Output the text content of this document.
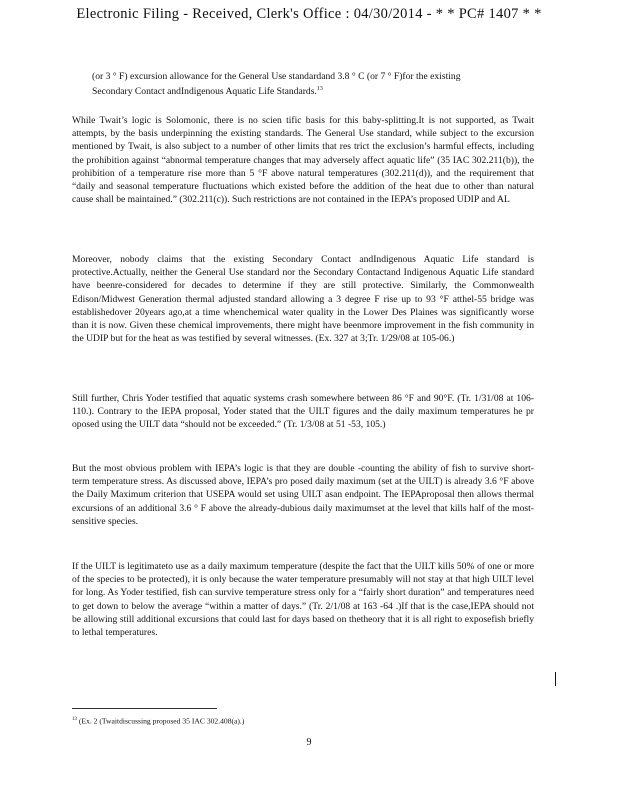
Electronic Filing - Received, Clerk's Office : 04/30/2014 - * * PC# 1407 * *
(or 3 ° F) excursion allowance for the General Use standardand 3.8 ° C (or 7 ° F)for the existing Secondary Contact andIndigenous Aquatic Life Standards.$^{13}$
While Twait’s logic is Solomonic, there is no scien tific basis for this baby-splitting.It is not supported, as Twait attempts, by the basis underpinning the existing standards. The General Use standard, while subject to the excursion mentioned by Twait, is also subject to a number of other limits that res trict the exclusion’s harmful effects, including the prohibition against “abnormal temperature changes that may adversely affect aquatic life” (35 IAC 302.211(b)), the prohibition of a temperature rise more than 5 °F above natural temperatures (302.211(d)), and the requirement that “daily and seasonal temperature fluctuations which existed before the addition of the heat due to other than natural cause shall be maintained.” (302.211(c)). Such restrictions are not contained in the IEPA’s proposed UDIP and AL
Moreover, nobody claims that the existing Secondary Contact andIndigenous Aquatic Life standard is protective.Actually, neither the General Use standard nor the Secondary Contactand Indigenous Aquatic Life standard have beenre-considered for decades to determine if they are still protective. Similarly, the Commonwealth Edison/Midwest Generation thermal adjusted standard allowing a 3 degree F rise up to 93 °F atthel-55 bridge was establishedover 20years ago,at a time whenchemical water quality in the Lower Des Plaines was significantly worse than it is now. Given these chemical improvements, there might have beenmore improvement in the fish community in the UDIP but for the heat as was testified by several witnesses. (Ex. 327 at 3;Tr. 1/29/08 at 105-06.)
Still further, Chris Yoder testified that aquatic systems crash somewhere between 86 °F and 90°F. (Tr. 1/31/08 at 106-110.). Contrary to the IEPA proposal, Yoder stated that the UILT figures and the daily maximum temperatures he pr oposed using the UILT data “should not be exceeded.” (Tr. 1/3/08 at 51 -53, 105.)
But the most obvious problem with IEPA’s logic is that they are double -counting the ability of fish to survive short- term temperature stress. As discussed above, IEPA’s pro posed daily maximum (set at the UILT) is already 3.6 °F above the Daily Maximum criterion that USEPA would set using UILT asan endpoint. The IEPAproposal then allows thermal excursions of an additional 3.6 ° F above the already-dubious daily maximumset at the level that kills half of the most-sensitive species.
If the UILT is legitimateto use as a daily maximum temperature (despite the fact that the UILT kills 50% of one or more of the species to be protected), it is only because the water temperature presumably will not stay at that high UILT level for long. As Yoder testified, fish can survive temperature stress only for a “fairly short duration” and temperatures need to get down to below the average “within a matter of days.” (Tr. 2/1/08 at 163 -64 .)If that is the case,IEPA should not be allowing still additional excursions that could last for days based on thetheory that it is all right to exposefish briefly to lethal temperatures.
$^{13}$ (Ex. 2 (Twaitdiscussing proposed 35 IAC 302.408(a).)
9
